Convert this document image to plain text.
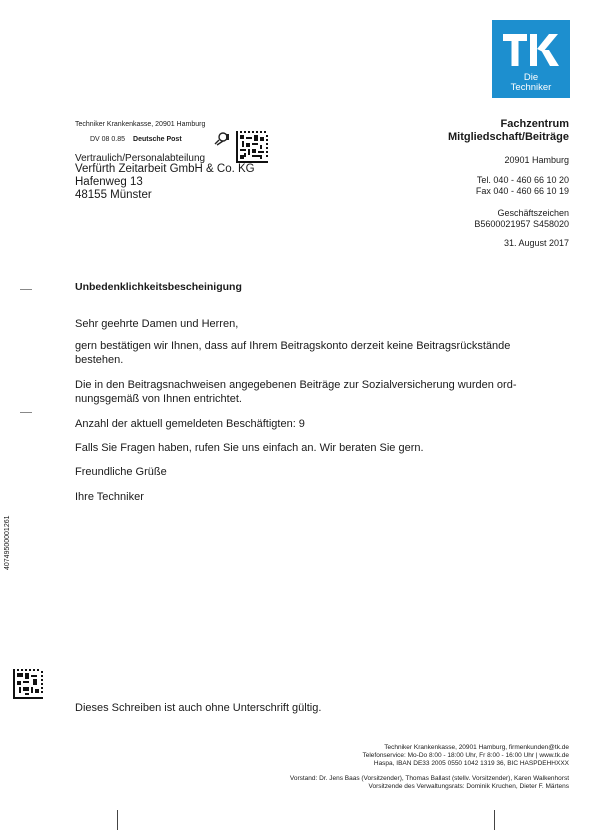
Die
Techniker
Techniker Krankenkasse, 20901 Hamburg
DV 08 0.85 Deutsche Post
Vertraulich/Personalabteilung
Verfürth Zeitarbeit GmbH & Co. KG
Hafenweg 13
48155 Münster
Fachzentrum
Mitgliedschaft/Beiträge
20901 Hamburg
Tel. 040 - 460 66 10 20
Fax 040 - 460 66 10 19
Geschäftszeichen
B5600021957 S458020
31. August 2017
Unbedenklichkeitsbescheinigung
Sehr geehrte Damen und Herren,
gern bestätigen wir Ihnen, dass auf Ihrem Beitragskonto derzeit keine Beitragsrückstände
bestehen.
Die in den Beitragsnachweisen angegebenen Beiträge zur Sozialversicherung wurden ord-
nungsgemäß von Ihnen entrichtet.
Anzahl der aktuell gemeldeten Beschäftigten: 9
Falls Sie Fragen haben, rufen Sie uns einfach an. Wir beraten Sie gern.
Freundliche Grüße
Ihre Techniker
Dieses Schreiben ist auch ohne Unterschrift gültig.
40749500001261
Techniker Krankenkasse, 20901 Hamburg, firmenkunden@tk.de
Telefonservice: Mo-Do 8:00 - 18:00 Uhr, Fr 8:00 - 16:00 Uhr | www.tk.de
Haspa, IBAN DE33 2005 0550 1042 1319 36, BIC HASPDEHHXXX
Vorstand: Dr. Jens Baas (Vorsitzender), Thomas Ballast (stellv. Vorsitzender), Karen Walkenhorst
Vorsitzende des Verwaltungsrats: Dominik Kruchen, Dieter F. Märtens
